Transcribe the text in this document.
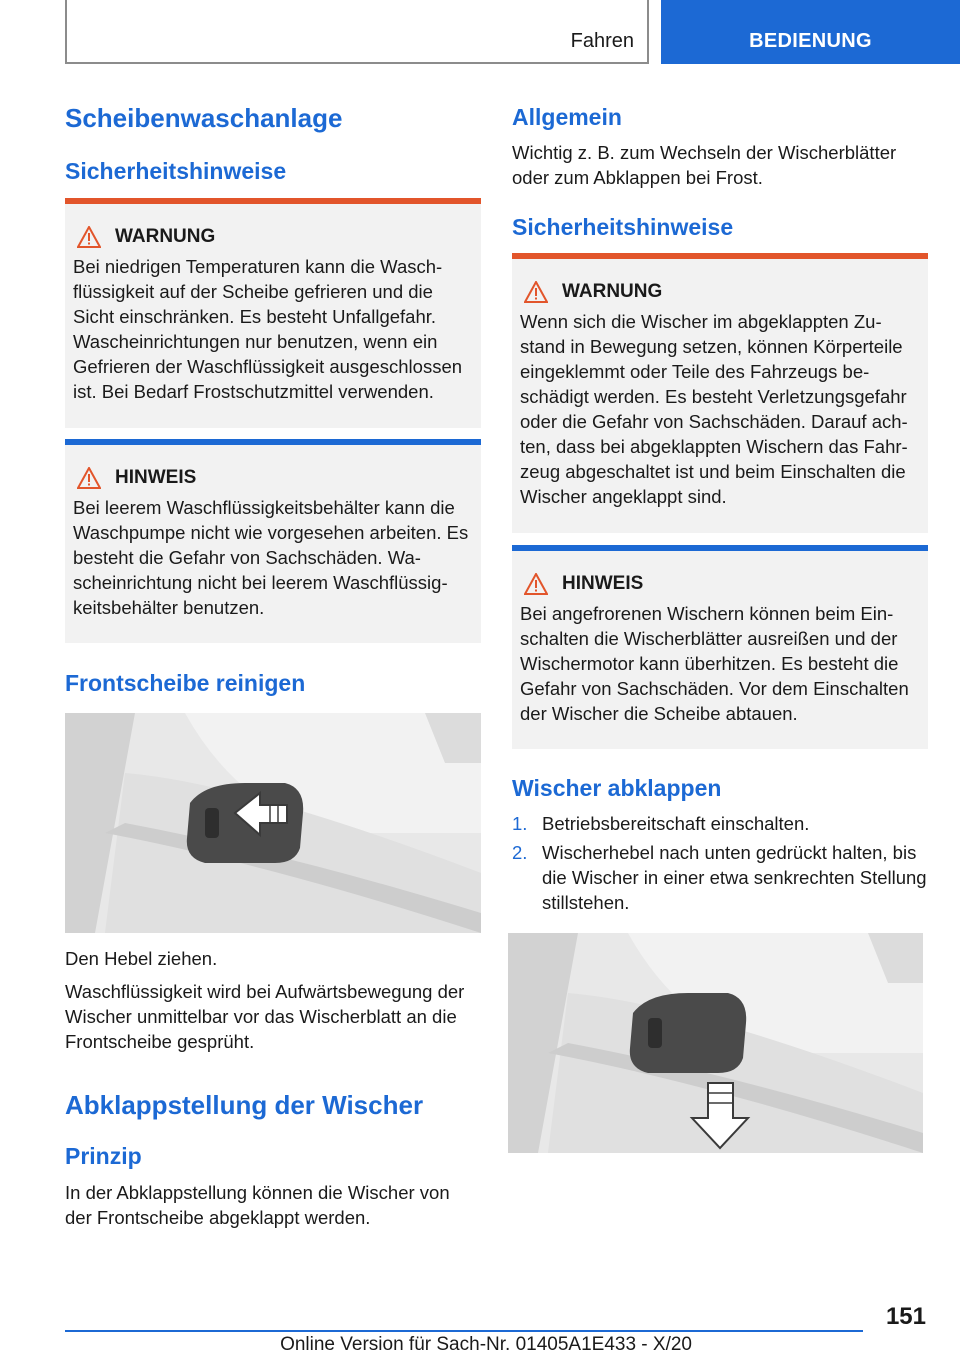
Fahren	BEDIENUNG
Scheibenwaschanlage
Sicherheitshinweise
WARNUNG
Bei niedrigen Temperaturen kann die Waschflüssigkeit auf der Scheibe gefrieren und die Sicht einschränken. Es besteht Unfallgefahr. Wascheinrichtungen nur benutzen, wenn ein Gefrieren der Waschflüssigkeit ausgeschlossen ist. Bei Bedarf Frostschutzmittel verwenden.
HINWEIS
Bei leerem Waschflüssigkeitsbehälter kann die Waschpumpe nicht wie vorgesehen arbeiten. Es besteht die Gefahr von Sachschäden. Wascheinrichtung nicht bei leerem Waschflüssigkeitsbehälter benutzen.
Frontscheibe reinigen
Den Hebel ziehen.
Waschflüssigkeit wird bei Aufwärtsbewegung der Wischer unmittelbar vor das Wischerblatt an die Frontscheibe gesprüht.
Abklappstellung der Wischer
Prinzip
In der Abklappstellung können die Wischer von der Frontscheibe abgeklappt werden.
Allgemein
Wichtig z. B. zum Wechseln der Wischerblätter oder zum Abklappen bei Frost.
Sicherheitshinweise
WARNUNG
Wenn sich die Wischer im abgeklappten Zustand in Bewegung setzen, können Körperteile eingeklemmt oder Teile des Fahrzeugs beschädigt werden. Es besteht Verletzungsgefahr oder die Gefahr von Sachschäden. Darauf achten, dass bei abgeklappten Wischern das Fahrzeug abgeschaltet ist und beim Einschalten die Wischer angeklappt sind.
HINWEIS
Bei angefrorenen Wischern können beim Einschalten die Wischerblätter ausreißen und der Wischermotor kann überhitzen. Es besteht die Gefahr von Sachschäden. Vor dem Einschalten der Wischer die Scheibe abtauen.
Wischer abklappen
1. Betriebsbereitschaft einschalten.
2. Wischerhebel nach unten gedrückt halten, bis die Wischer in einer etwa senkrechten Stellung stillstehen.
151
Online Version für Sach-Nr. 01405A1E433 - X/20
